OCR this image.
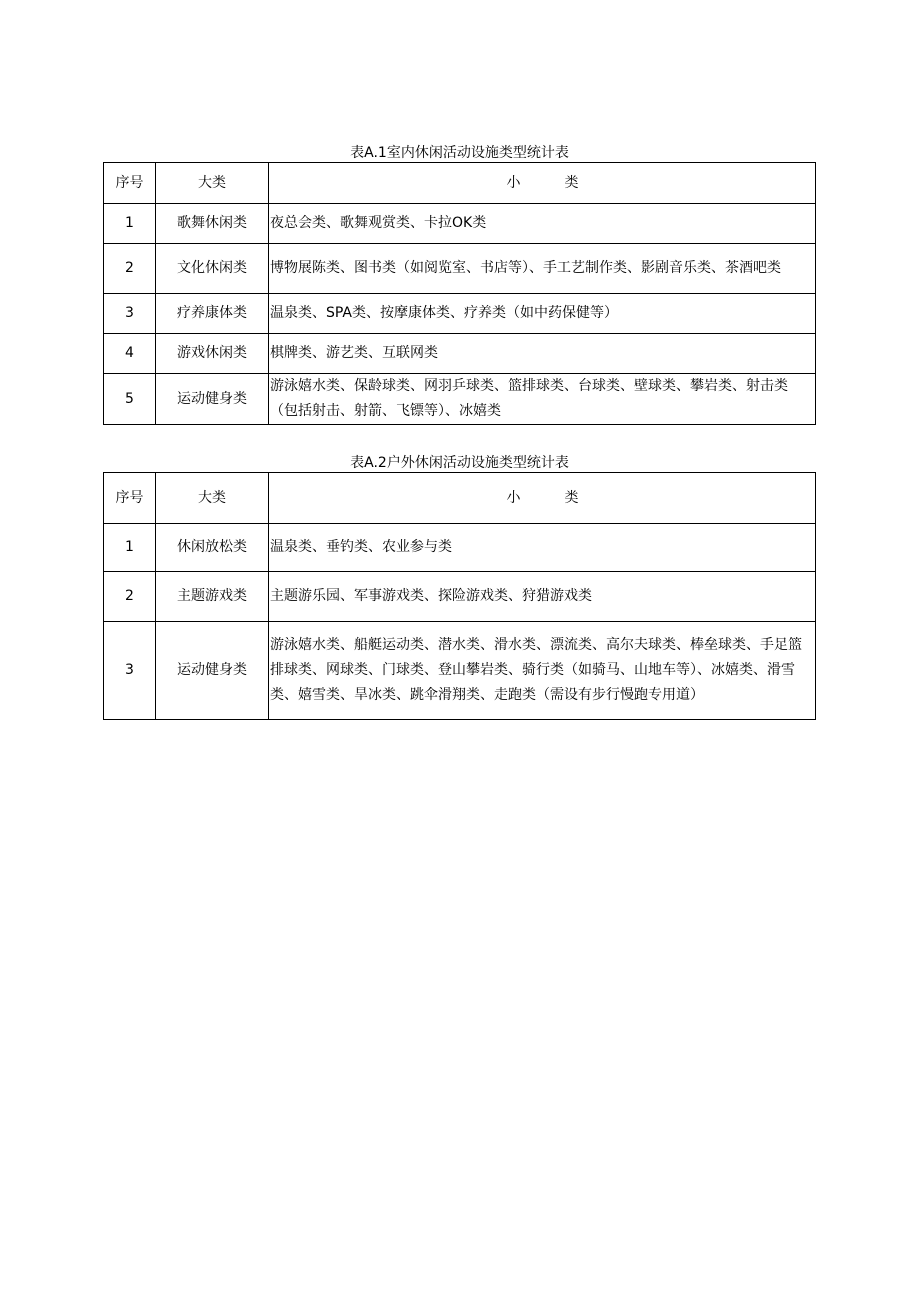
表A.1室内休闲活动设施类型统计表
序号	大类	小 类
1	歌舞休闲类	夜总会类、歌舞观赏类、卡拉OK类
2	文化休闲类	博物展陈类、图书类（如阅览室、书店等）、手工艺制作类、影剧音乐类、茶酒吧类
3	疗养康体类	温泉类、SPA类、按摩康体类、疗养类（如中药保健等）
4	游戏休闲类	棋牌类、游艺类、互联网类
5	运动健身类	游泳嬉水类、保龄球类、网羽乒球类、篮排球类、台球类、壁球类、攀岩类、射击类（包括射击、射箭、飞镖等）、冰嬉类
表A.2户外休闲活动设施类型统计表
序号	大类	小 类
1	休闲放松类	温泉类、垂钓类、农业参与类
2	主题游戏类	主题游乐园、军事游戏类、探险游戏类、狩猎游戏类
3	运动健身类	游泳嬉水类、船艇运动类、潜水类、滑水类、漂流类、高尔夫球类、棒垒球类、手足篮排球类、网球类、门球类、登山攀岩类、骑行类（如骑马、山地车等）、冰嬉类、滑雪类、嬉雪类、旱冰类、跳伞滑翔类、走跑类（需设有步行慢跑专用道）
